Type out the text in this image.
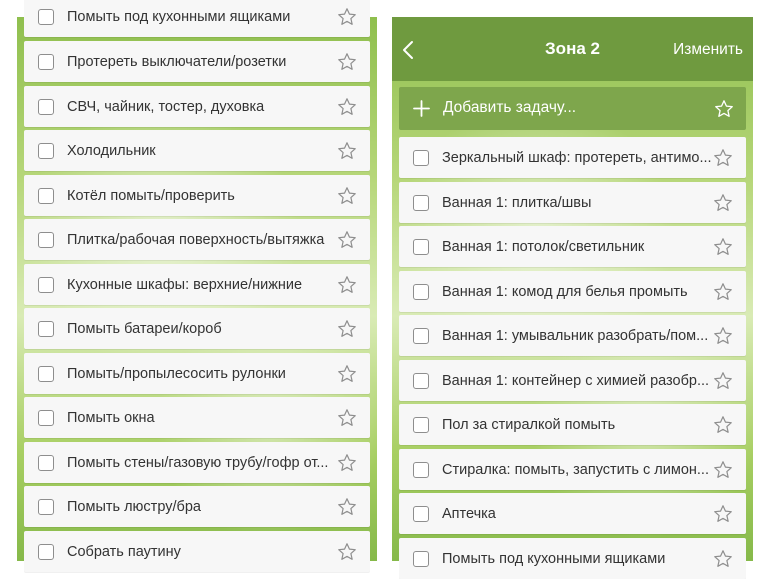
Помыть под кухонными ящиками
Протереть выключатели/розетки
СВЧ, чайник, тостер, духовка
Холодильник
Котёл помыть/проверить
Плитка/рабочая поверхность/вытяжка
Кухонные шкафы: верхние/нижние
Помыть батареи/короб
Помыть/пропылесосить рулонки
Помыть окна
Помыть стены/газовую трубу/гофр от...
Помыть люстру/бра
Собрать паутину
Зона 2	Изменить
Добавить задачу...
Зеркальный шкаф: протереть, антимо...
Ванная 1: плитка/швы
Ванная 1: потолок/светильник
Ванная 1: комод для белья промыть
Ванная 1: умывальник разобрать/пом...
Ванная 1: контейнер с химией разобр...
Пол за стиралкой помыть
Стиралка: помыть, запустить с лимон...
Аптечка
Помыть под кухонными ящиками
